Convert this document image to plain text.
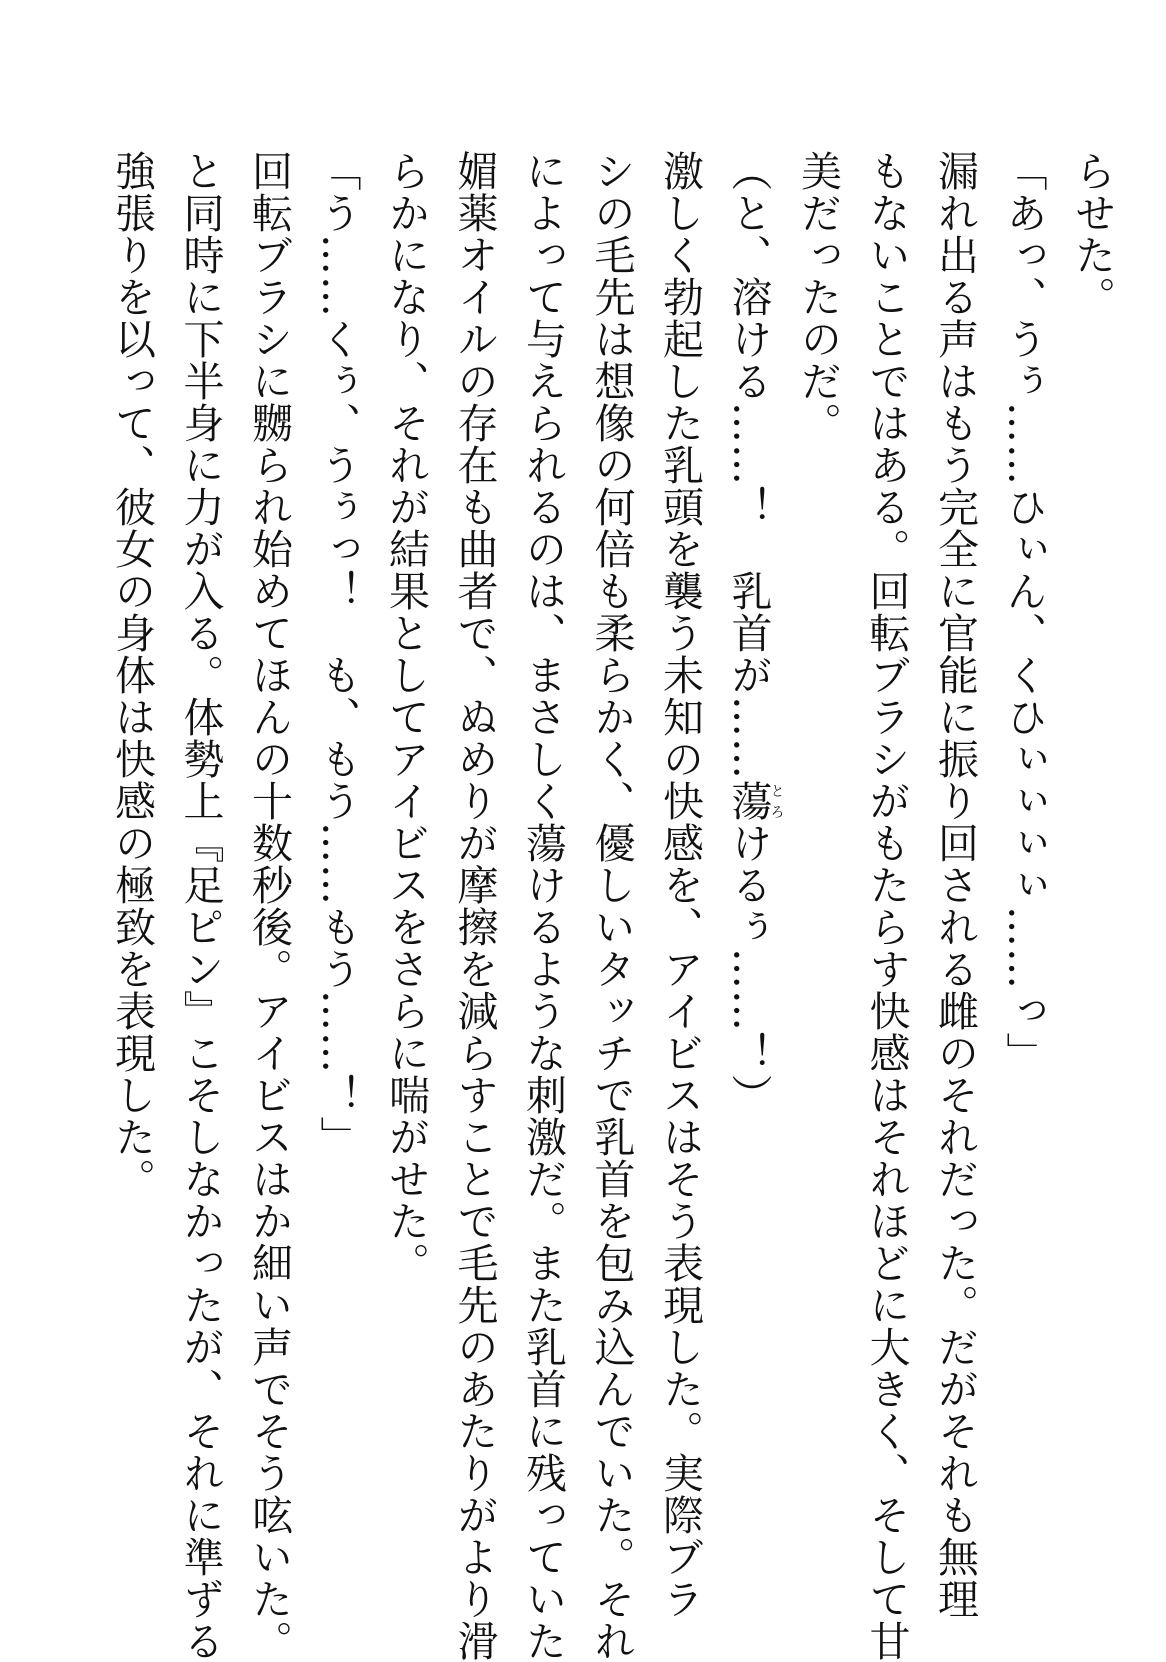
らせた。
「あっ、うぅ……ひぃん、くひぃぃぃぃ……っ」
漏れ出る声はもう完全に官能に振り回される雌のそれだった。だがそれも無理
もないことではある。回転ブラシがもたらす快感はそれほどに大きく、そして甘
美だったのだ。
（と、溶ける……！　乳首が……蕩とろけるぅ……！）
激しく勃起した乳頭を襲う未知の快感を、アイビスはそう表現した。実際ブラ
シの毛先は想像の何倍も柔らかく、優しいタッチで乳首を包み込んでいた。それ
によって与えられるのは、まさしく蕩けるような刺激だ。また乳首に残っていた
媚薬オイルの存在も曲者で、ぬめりが摩擦を減らすことで毛先のあたりがより滑
らかになり、それが結果としてアイビスをさらに喘がせた。
「う……くぅ、うぅっ！　も、もう……もう……！」
回転ブラシに嬲られ始めてほんの十数秒後。アイビスはか細い声でそう呟いた。
と同時に下半身に力が入る。体勢上『足ピン』こそしなかったが、それに準ずる
強張りを以って、彼女の身体は快感の極致を表現した。
